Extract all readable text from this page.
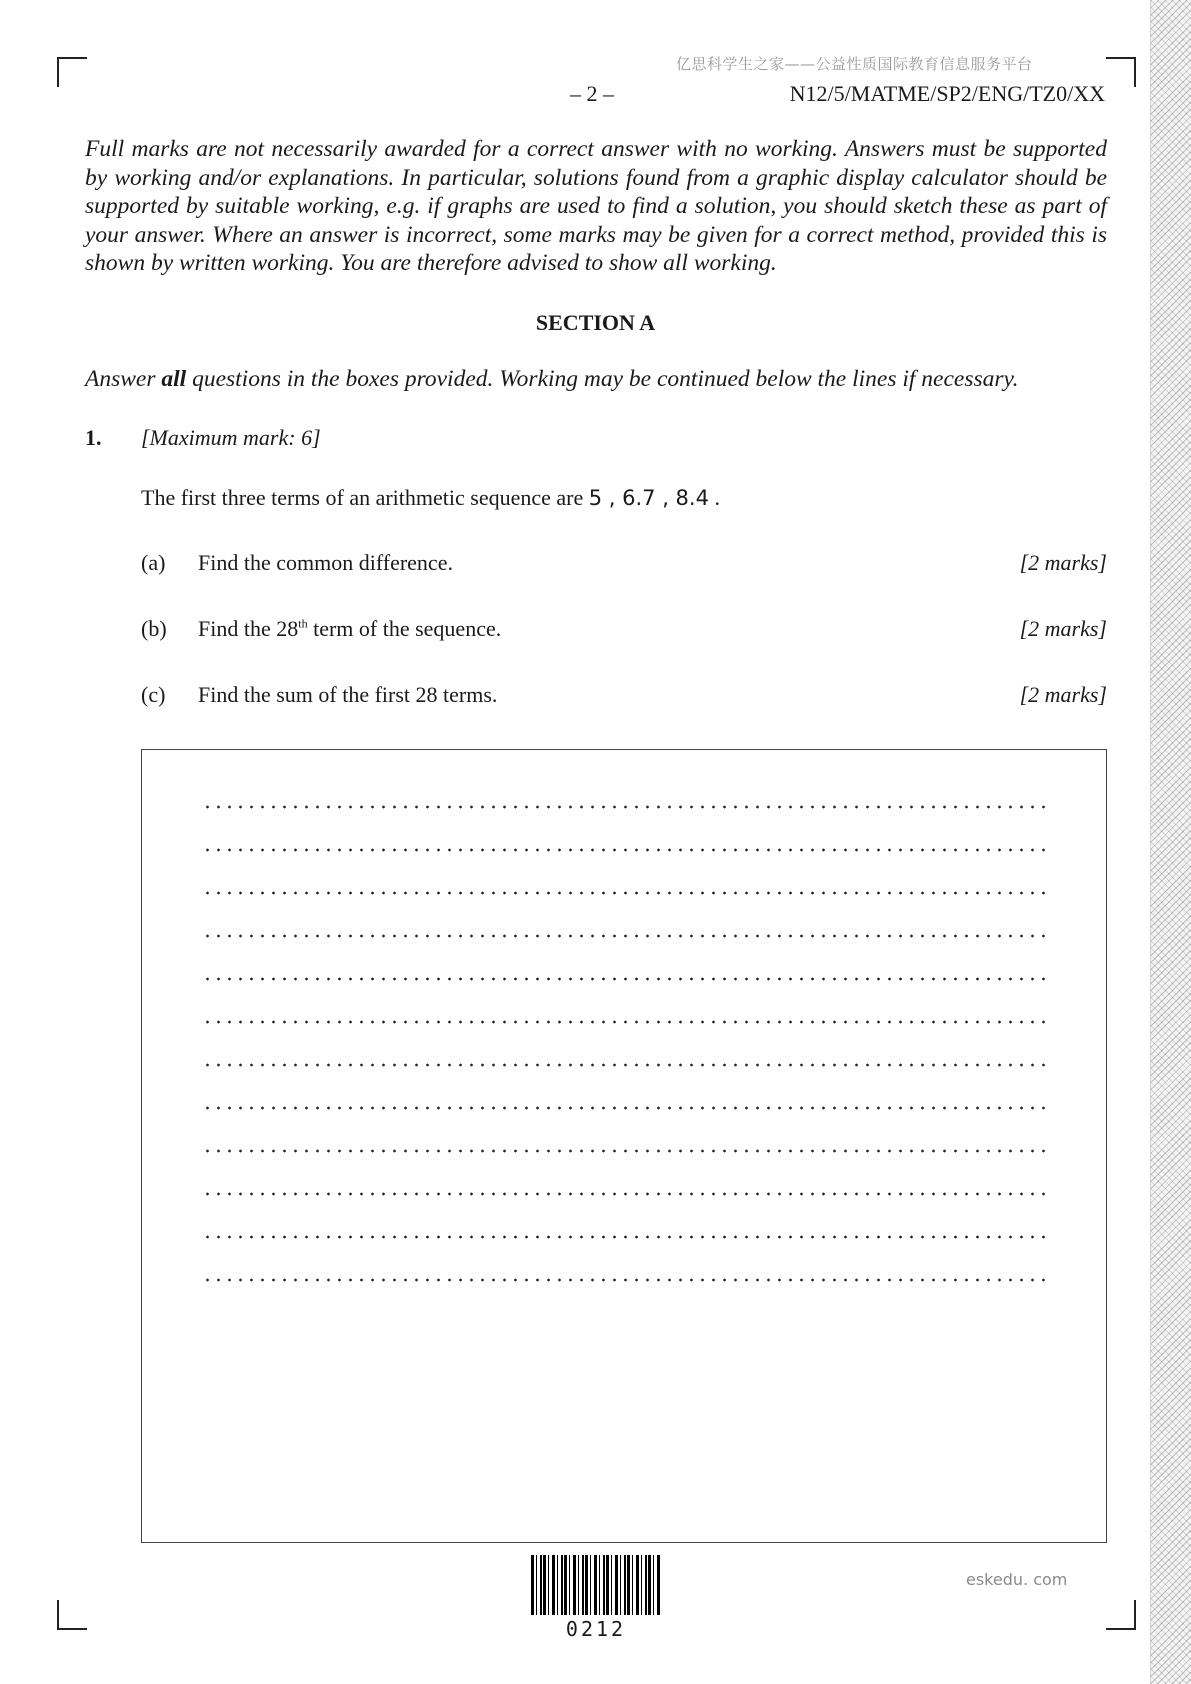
亿思科学生之家——公益性质国际教育信息服务平台
– 2 –	N12/5/MATME/SP2/ENG/TZ0/XX

Full marks are not necessarily awarded for a correct answer with no working. Answers must be supported by working and/or explanations. In particular, solutions found from a graphic display calculator should be supported by suitable working, e.g. if graphs are used to find a solution, you should sketch these as part of your answer. Where an answer is incorrect, some marks may be given for a correct method, provided this is shown by written working. You are therefore advised to show all working.

SECTION A

Answer all questions in the boxes provided. Working may be continued below the lines if necessary.

1. [Maximum mark: 6]
The first three terms of an arithmetic sequence are 5 , 6.7 , 8.4 .
(a) Find the common difference.	[2 marks]
(b) Find the 28th term of the sequence.	[2 marks]
(c) Find the sum of the first 28 terms.	[2 marks]
0212
eskedu. com
